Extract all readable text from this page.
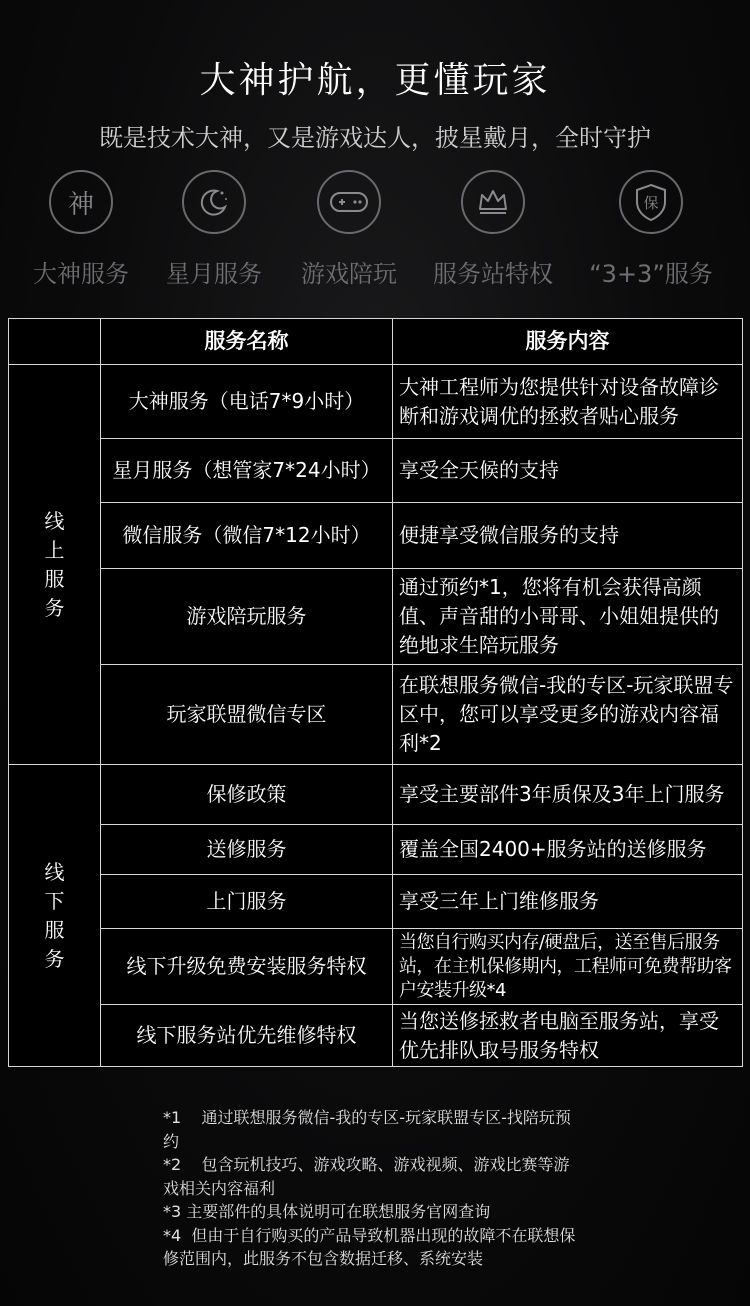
大神护航，更懂玩家
既是技术大神，又是游戏达人，披星戴月，全时守护
神
大神服务	星月服务	游戏陪玩	服务站特权
保
“3+3”服务
	服务名称	服务内容

线
上
服
务	大神服务（电话7*9小时）	大神工程师为您提供针对设备故障诊断和游戏调优的拯救者贴心服务
	星月服务（想管家7*24小时）	享受全天候的支持
	微信服务（微信7*12小时）	便捷享受微信服务的支持
	游戏陪玩服务	通过预约*1，您将有机会获得高颜值、声音甜的小哥哥、小姐姐提供的绝地求生陪玩服务
	玩家联盟微信专区	在联想服务微信-我的专区-玩家联盟专区中，您可以享受更多的游戏内容福利*2

线
下
服
务	保修政策	享受主要部件3年质保及3年上门服务
	送修服务	覆盖全国2400+服务站的送修服务
	上门服务	享受三年上门维修服务
	线下升级免费安装服务特权	当您自行购买内存/硬盘后，送至售后服务站，在主机保修期内，工程师可免费帮助客户安装升级*4
	线下服务站优先维修特权	当您送修拯救者电脑至服务站，享受优先排队取号服务特权
*1    通过联想服务微信-我的专区-玩家联盟专区-找陪玩预约
*2    包含玩机技巧、游戏攻略、游戏视频、游戏比赛等游戏相关内容福利
*3 主要部件的具体说明可在联想服务官网查询
*4  但由于自行购买的产品导致机器出现的故障不在联想保修范围内，此服务不包含数据迁移、系统安装
